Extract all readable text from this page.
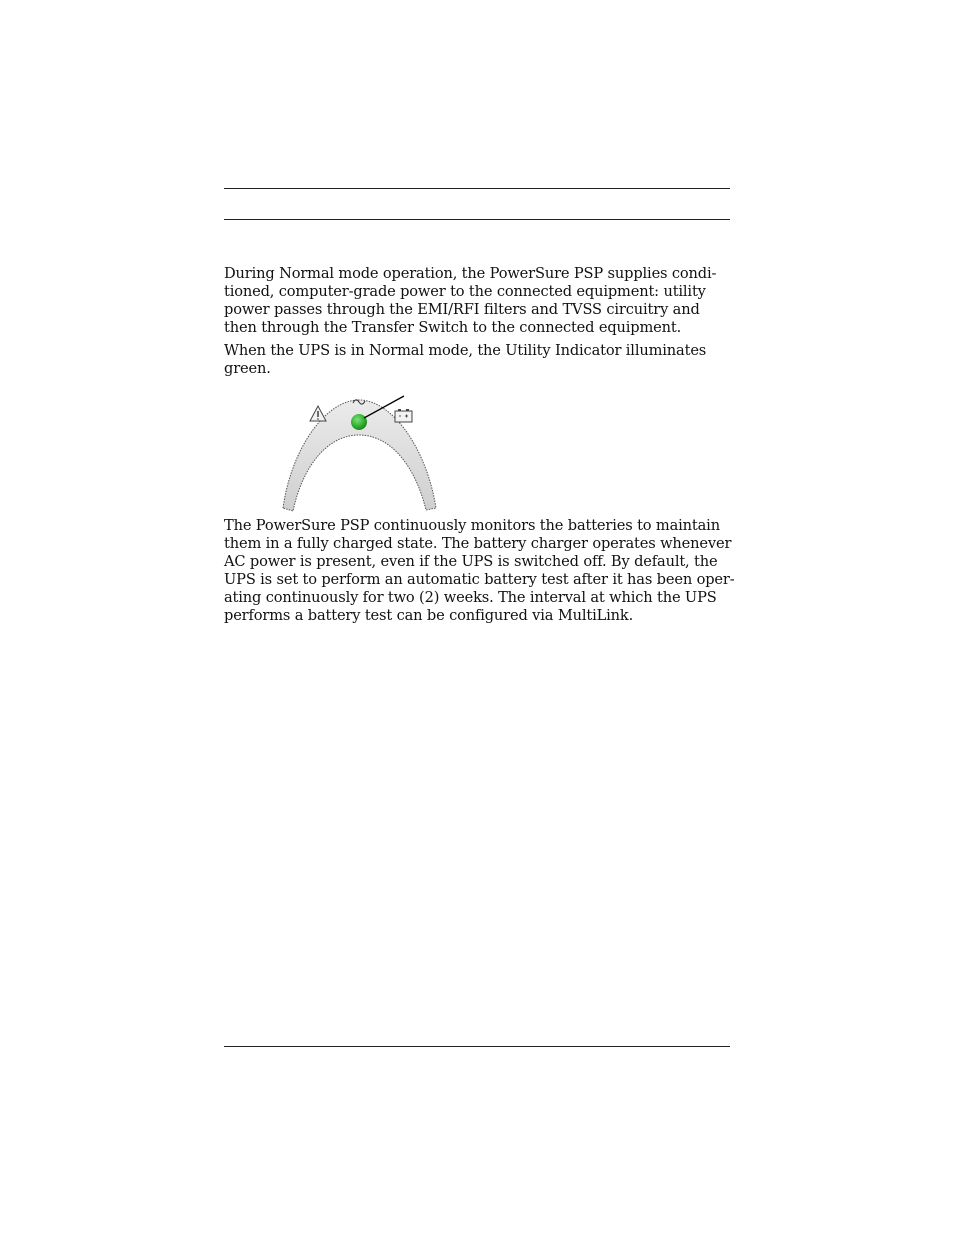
During Normal mode operation, the PowerSure PSP supplies condi-
tioned, computer-grade power to the connected equipment: utility
power passes through the EMI/RFI filters and TVSS circuitry and
then through the Transfer Switch to the connected equipment.
When the UPS is in Normal mode, the Utility Indicator illuminates
green.
The PowerSure PSP continuously monitors the batteries to maintain
them in a fully charged state. The battery charger operates whenever
AC power is present, even if the UPS is switched off. By default, the
UPS is set to perform an automatic battery test after it has been oper-
ating continuously for two (2) weeks. The interval at which the UPS
performs a battery test can be configured via MultiLink.
